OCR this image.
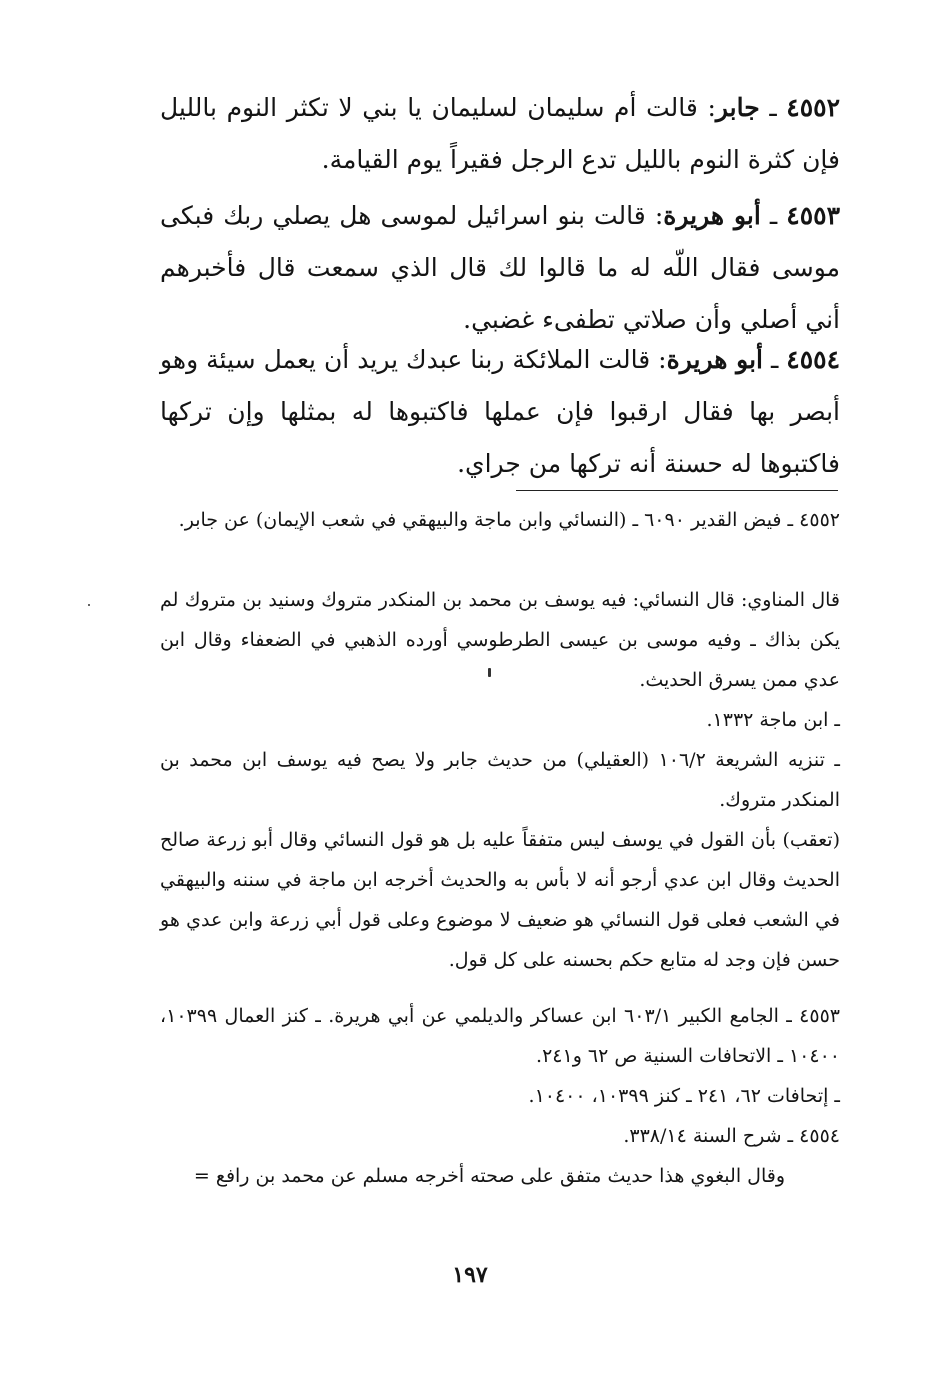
٤٥٥٢ ـ جابر: قالت أم سليمان لسليمان يا بني لا تكثر النوم بالليل فإن كثرة النوم بالليل تدع الرجل فقيراً يوم القيامة.
٤٥٥٣ ـ أبو هريرة: قالت بنو اسرائيل لموسى هل يصلي ربك فبكى موسى فقال اللّه له ما قالوا لك قال الذي سمعت قال فأخبرهم أني أصلي وأن صلاتي تطفىء غضبي.
٤٥٥٤ ـ أبو هريرة: قالت الملائكة ربنا عبدك يريد أن يعمل سيئة وهو أبصر بها فقال ارقبوا فإن عملها فاكتبوها له بمثلها وإن تركها فاكتبوها له حسنة أنه تركها من جراي.
٤٥٥٢ ـ فيض القدير ٦٠٩٠ ـ (النسائي وابن ماجة والبيهقي في شعب الإيمان) عن جابر.
قال المناوي: قال النسائي: فيه يوسف بن محمد بن المنكدر متروك وسنيد بن متروك لم يكن بذاك ـ وفيه موسى بن عيسى الطرطوسي أورده الذهبي في الضعفاء وقال ابن عدي ممن يسرق الحديث.
ـ ابن ماجة ١٣٣٢.
ـ تنزيه الشريعة ١٠٦/٢ (العقيلي) من حديث جابر ولا يصح فيه يوسف ابن محمد بن المنكدر متروك.
(تعقب) بأن القول في يوسف ليس متفقاً عليه بل هو قول النسائي وقال أبو زرعة صالح الحديث وقال ابن عدي أرجو أنه لا بأس به والحديث أخرجه ابن ماجة في سننه والبيهقي في الشعب فعلى قول النسائي هو ضعيف لا موضوع وعلى قول أبي زرعة وابن عدي هو حسن فإن وجد له متابع حكم بحسنه على كل قول.
٤٥٥٣ ـ الجامع الكبير ٦٠٣/١ ابن عساكر والديلمي عن أبي هريرة. ـ كنز العمال ١٠٣٩٩، ١٠٤٠٠ ـ الاتحافات السنية ص ٦٢ و٢٤١.
ـ إتحافات ٦٢، ٢٤١ ـ كنز ١٠٣٩٩، ١٠٤٠٠.
٤٥٥٤ ـ شرح السنة ٣٣٨/١٤.
وقال البغوي هذا حديث متفق على صحته أخرجه مسلم عن محمد بن رافع =
١٩٧
